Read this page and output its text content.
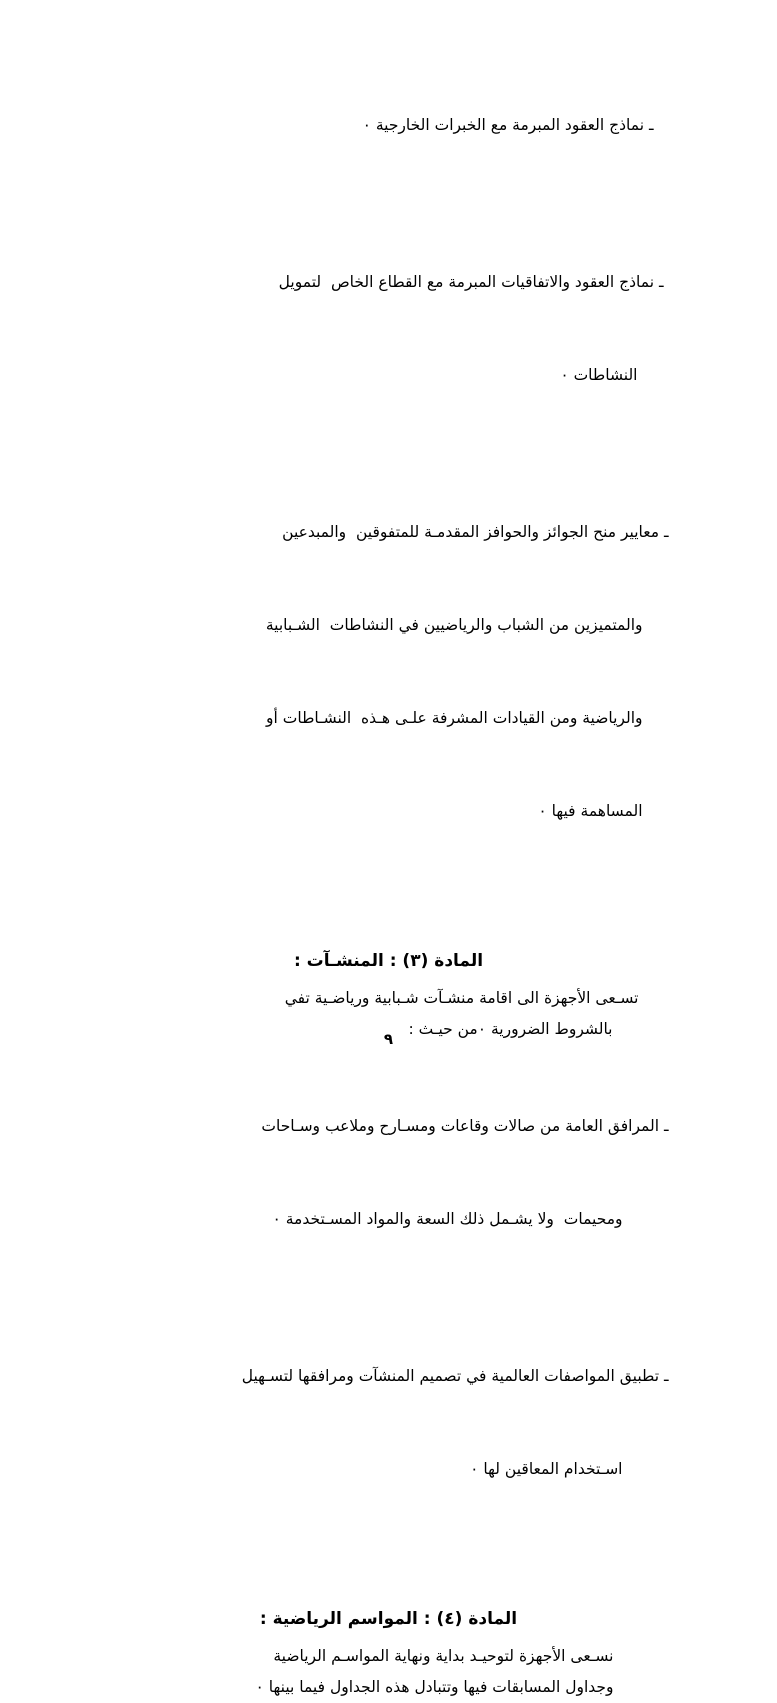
ـ نماذج العقود المبرمة مع الخبرات الخارجية ٠

ـ نماذج العقود والاتفاقيات المبرمة مع القطاع الخاص  لتمويل

النشاطات ٠

ـ معايير منح الجوائز والحوافز المقدمـة للمتفوقين  والمبدعين

والمتميزين من الشباب والرياضيين في النشاطات  الشـبابية

والرياضية ومن القيادات المشرفة علـى هـذه  النشـاطات أو

المساهمة فيها ٠

المادة (٣) : المنشـآت :
تسـعى الأجهزة الى اقامة منشـآت شـبابية ورياضـية تفي
بالشروط الضرورية ٠من حيـث :

ـ المرافق العامة من صالات وقاعات ومسـارح وملاعب وسـاحات

ومحيمات  ولا يشـمل ذلك السعة والمواد المسـتخدمة ٠

ـ تطبيق المواصفات العالمية في تصميم المنشآت ومرافقها لتسـهيل

اسـتخدام المعاقين لها ٠

المادة (٤) : المواسم الرياضية :
نسـعى الأجهزة لتوحيـد بداية ونهاية المواسـم الرياضية
وجداول المسابقات فيها وتتبادل هذه الجداول فيما بينها ٠
٩
